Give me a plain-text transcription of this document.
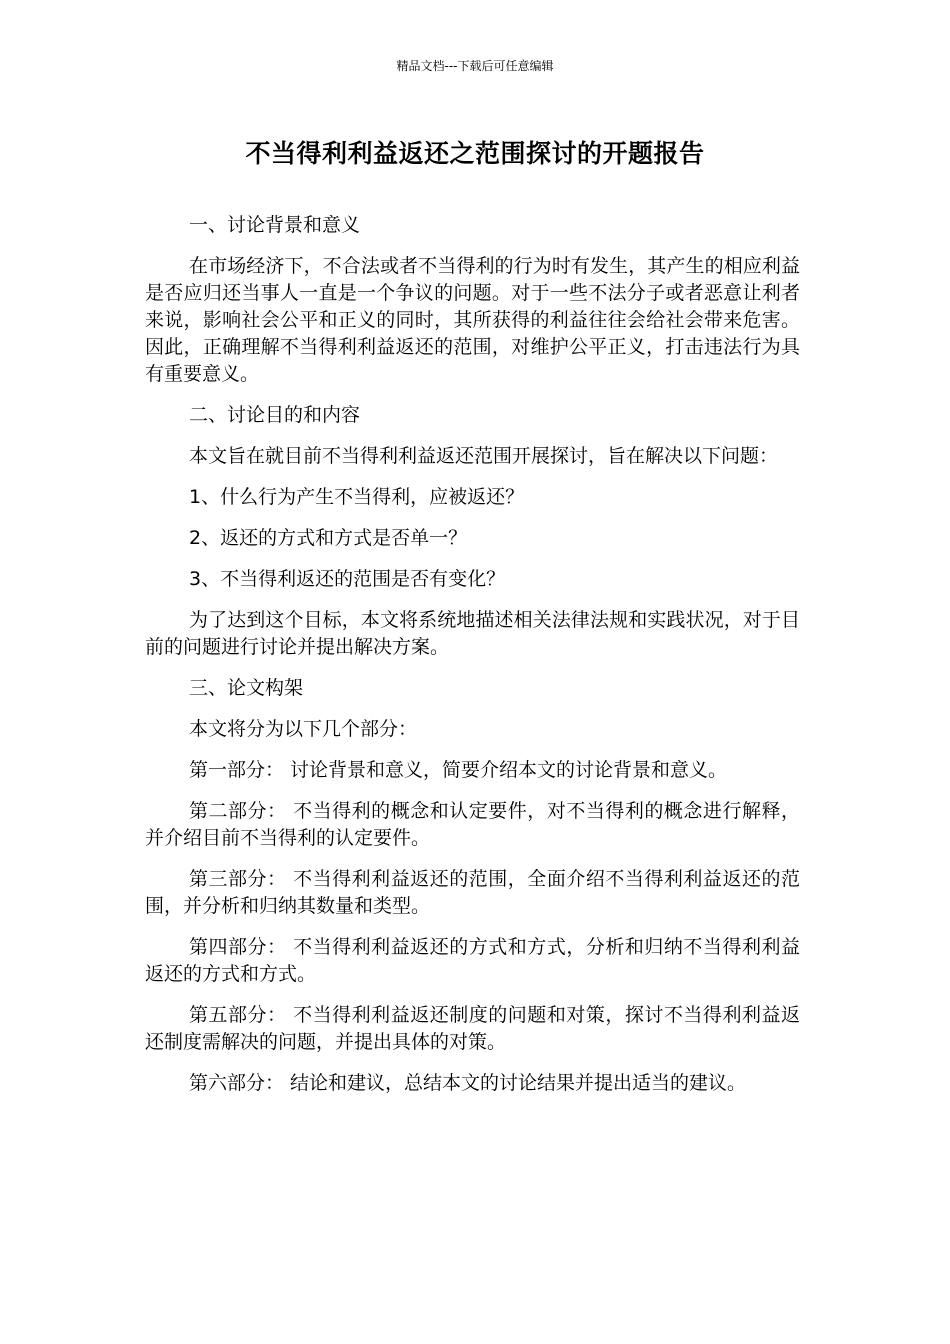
精品文档---下载后可任意编辑
不当得利利益返还之范围探讨的开题报告

一、讨论背景和意义

在市场经济下，不合法或者不当得利的行为时有发生，其产生的相应利益是否应归还当事人一直是一个争议的问题。对于一些不法分子或者恶意让利者来说，影响社会公平和正义的同时，其所获得的利益往往会给社会带来危害。因此，正确理解不当得利利益返还的范围，对维护公平正义，打击违法行为具有重要意义。

二、讨论目的和内容

本文旨在就目前不当得利利益返还范围开展探讨，旨在解决以下问题：

1、什么行为产生不当得利，应被返还？

2、返还的方式和方式是否单一？

3、不当得利返还的范围是否有变化？

为了达到这个目标，本文将系统地描述相关法律法规和实践状况，对于目前的问题进行讨论并提出解决方案。

三、论文构架

本文将分为以下几个部分：

第一部分： 讨论背景和意义，简要介绍本文的讨论背景和意义。

第二部分： 不当得利的概念和认定要件，对不当得利的概念进行解释，并介绍目前不当得利的认定要件。

第三部分： 不当得利利益返还的范围，全面介绍不当得利利益返还的范围，并分析和归纳其数量和类型。

第四部分： 不当得利利益返还的方式和方式，分析和归纳不当得利利益返还的方式和方式。

第五部分： 不当得利利益返还制度的问题和对策，探讨不当得利利益返还制度需解决的问题，并提出具体的对策。

第六部分： 结论和建议，总结本文的讨论结果并提出适当的建议。
